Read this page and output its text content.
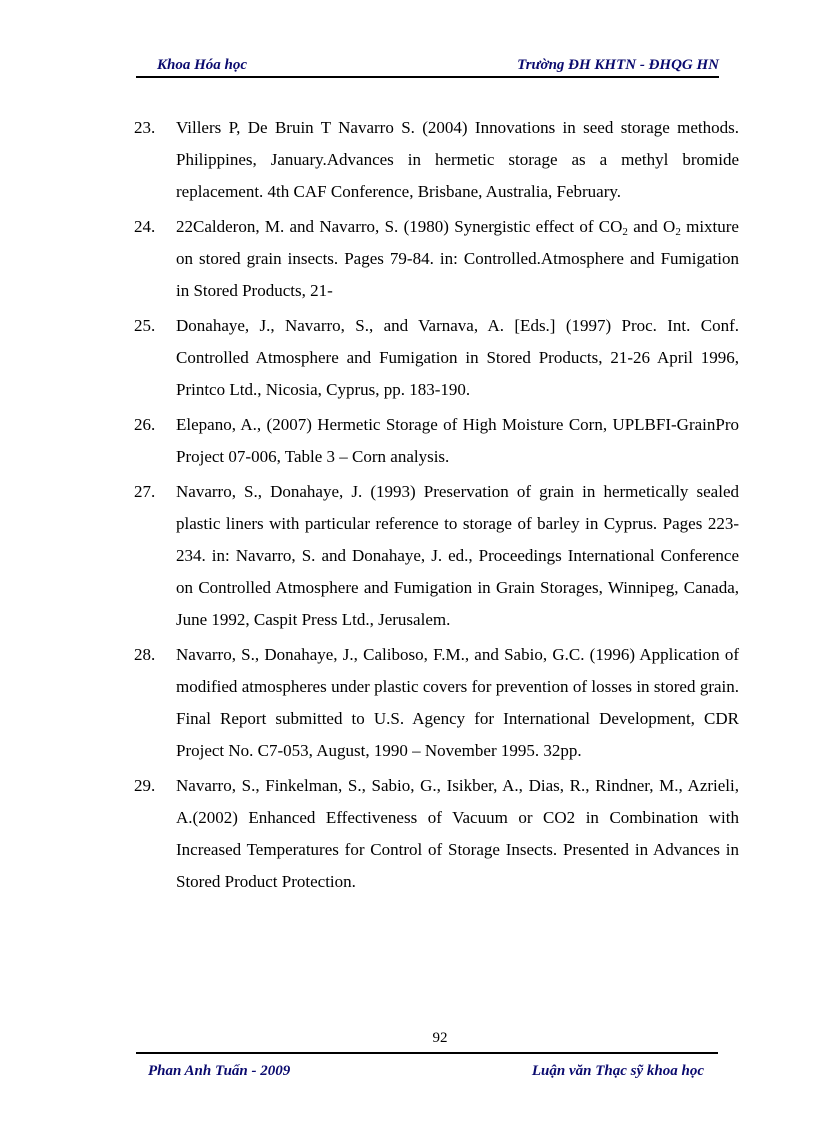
Khoa Hóa học	Trường ĐH KHTN - ĐHQG HN
23. Villers P, De Bruin T Navarro S. (2004) Innovations in seed storage methods. Philippines, January.Advances in hermetic storage as a methyl bromide replacement. 4th CAF Conference, Brisbane, Australia, February.
24. 22Calderon, M. and Navarro, S. (1980) Synergistic effect of $CO_2$ and $O_2$ mixture on stored grain insects. Pages 79-84. in: Controlled.Atmosphere and Fumigation in Stored Products, 21-
25. Donahaye, J., Navarro, S., and Varnava, A. [Eds.] (1997) Proc. Int. Conf. Controlled Atmosphere and Fumigation in Stored Products, 21-26 April 1996, Printco Ltd., Nicosia, Cyprus, pp. 183-190.
26. Elepano, A., (2007) Hermetic Storage of High Moisture Corn, UPLBFI-GrainPro Project 07-006, Table 3 – Corn analysis.
27. Navarro, S., Donahaye, J. (1993) Preservation of grain in hermetically sealed plastic liners with particular reference to storage of barley in Cyprus. Pages 223-234. in: Navarro, S. and Donahaye, J. ed., Proceedings International Conference on Controlled Atmosphere and Fumigation in Grain Storages, Winnipeg, Canada, June 1992, Caspit Press Ltd., Jerusalem.
28. Navarro, S., Donahaye, J., Caliboso, F.M., and Sabio, G.C. (1996) Application of modified atmospheres under plastic covers for prevention of losses in stored grain. Final Report submitted to U.S. Agency for International Development, CDR Project No. C7-053, August, 1990 – November 1995. 32pp.
29. Navarro, S., Finkelman, S., Sabio, G., Isikber, A., Dias, R., Rindner, M., Azrieli, A.(2002) Enhanced Effectiveness of Vacuum or CO2 in Combination with Increased Temperatures for Control of Storage Insects. Presented in Advances in Stored Product Protection.
92
Phan Anh Tuấn - 2009	Luận văn Thạc sỹ khoa học
